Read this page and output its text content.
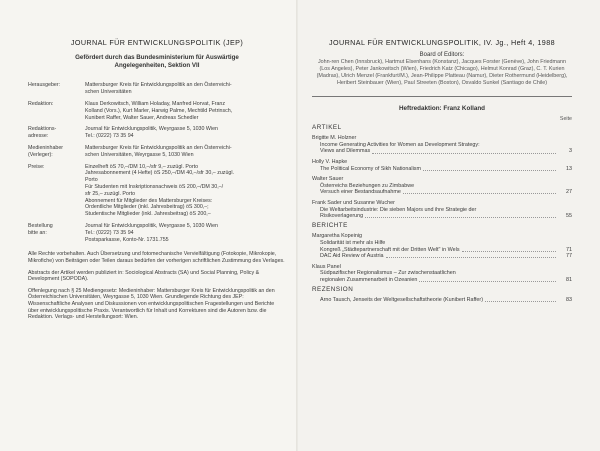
JOURNAL FÜR ENTWICKLUNGSPOLITIK (JEP)
Gefördert durch das Bundesministerium für Auswärtige
Angelegenheiten, Sektion VII
Herausgeber:	Mattersburger Kreis für Entwicklungspolitik an den Österreichi-
schen Universitäten
Redaktion:	Klaus Derkowitsch, William Holaday, Manfred Horvat, Franz
Kolland (Vors.), Kurt Marler, Harwig Palme, Mechtild Petrinsch,
Kunibert Raffer, Walter Sauer, Andreas Schedler
Redaktions-
adresse:
Journal für Entwicklungspolitik, Weyrgasse 5, 1030 Wien
Tel.: (0222) 73 35 94
Medieninhaber
(Verleger):
Mattersburger Kreis für Entwicklungspolitik an den Österreichi-
schen Universitäten, Weyrgasse 5, 1030 Wien
Preise:	Einzelheft öS 70,–/DM 10,–/sfr 9,– zuzügl. Porto
Jahresabonnement (4 Hefte) öS 250,–/DM 40,–/sfr 30,– zuzügl.
Porto
Für Studenten mit Inskriptionsnachweis öS 200,–/DM 30,–/
sfr 25,– zuzügl. Porto
Abonnement für Mitglieder des Mattersburger Kreises:
Ordentliche Mitglieder (inkl. Jahresbeitrag) öS 300,–;
Studentische Mitglieder (inkl. Jahresbeitrag) öS 200,–
Bestellung
bitte an:
Journal für Entwicklungspolitik, Weyrgasse 5, 1030 Wien
Tel.: (0222) 73 35 94
Postsparkasse, Konto-Nr. 1731.755

Alle Rechte vorbehalten. Auch Übersetzung und fotomechanische Vervielfältigung (Fotokopie, Mikrokopie, Mikrofiche) von Beiträgen oder Teilen daraus bedürfen der vorherigen schriftlichen Zustimmung des Verlages.

Abstracts der Artikel werden publiziert in: Sociological Abstracts (SA) und Social Planning, Policy & Development (SOPODA).

Offenlegung nach § 25 Mediengesetz: Medieninhaber: Mattersburger Kreis für Entwicklungspolitik an den Österreichischen Universitäten, Weyrgasse 5, 1030 Wien. Grundlegende Richtung des JEP: Wissenschaftliche Analysen und Diskussionen von entwicklungspolitischen Fragestellungen und Berichte über entwicklungspolitische Praxis. Verantwortlich für Inhalt und Korrekturen sind die Autoren bzw. die Redaktion. Verlags- und Herstellungsort: Wien.

JOURNAL FÜR ENTWICKLUNGSPOLITIK, IV. Jg., Heft 4, 1988
Board of Editors:
John-ren Chen (Innsbruck), Hartmut Elsenhans (Konstanz), Jacques Forster (Genève), John Friedmann (Los Angeles), Peter Jankowitsch (Wien), Friedrich Katz (Chicago), Helmut Konrad (Graz), C. T. Kurien (Madras), Ulrich Menzel (Frankfurt/M.), Jean-Philippe Platteau (Namur), Dieter Rothermund (Heidelberg), Heribert Steinbauer (Wien), Paul Streeten (Boston), Osvaldo Sunkel (Santiago de Chile)
Heftredaktion: Franz Kolland
Seite
ARTIKEL
Brigitte M. Holzner
Income Generating Activities for Women as Development Strategy:
Views and Dilemmas	3
Holly V. Hapke
The Political Economy of Sikh Nationalism	13
Walter Sauer
Österreichs Beziehungen zu Zimbabwe
Versuch einer Bestandsaufnahme	27
Frank Sader und Susanne Wucher
Die Weltarbeitsindustrie: Die sieben Majors und ihre Strategie der
Risikoverlagerung	55
BERICHTE
Margaretha Kopeinig
Solidarität ist mehr als Hilfe
Kongreß „Städtepartnerschaft mit der Dritten Welt" in Wels	71
DAC Aid Review of Austria	77
Klaus Panel
Südpazifischer Regionalismus – Zur zwischenstaatlichen
regionalen Zusammenarbeit in Ozeanien	81
REZENSION
Arno Tausch, Jenseits der Weltgesellschaftstheorie (Kunibert Raffer)	83
